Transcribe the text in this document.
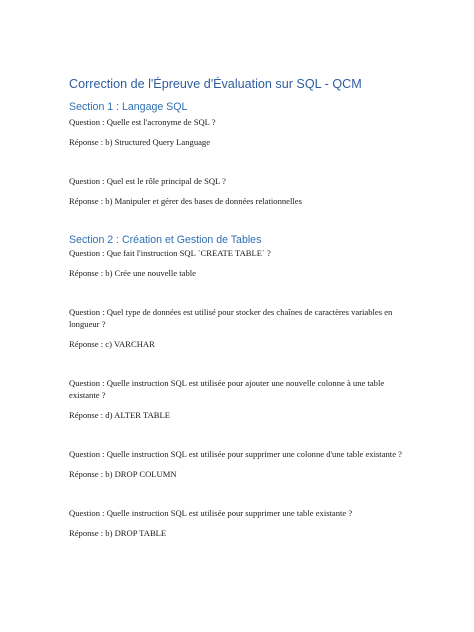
Correction de l'Épreuve d'Évaluation sur SQL - QCM
Section 1 : Langage SQL

Question : Quelle est l'acronyme de SQL ?

Réponse : b) Structured Query Language

Question : Quel est le rôle principal de SQL ?

Réponse : b) Manipuler et gérer des bases de données relationnelles

Section 2 : Création et Gestion de Tables

Question : Que fait l'instruction SQL `CREATE TABLE` ?

Réponse : b) Crée une nouvelle table

Question : Quel type de données est utilisé pour stocker des chaînes de caractères variables en longueur ?

Réponse : c) VARCHAR

Question : Quelle instruction SQL est utilisée pour ajouter une nouvelle colonne à une table existante ?

Réponse : d) ALTER TABLE

Question : Quelle instruction SQL est utilisée pour supprimer une colonne d'une table existante ?

Réponse : b) DROP COLUMN

Question : Quelle instruction SQL est utilisée pour supprimer une table existante ?

Réponse : b) DROP TABLE
